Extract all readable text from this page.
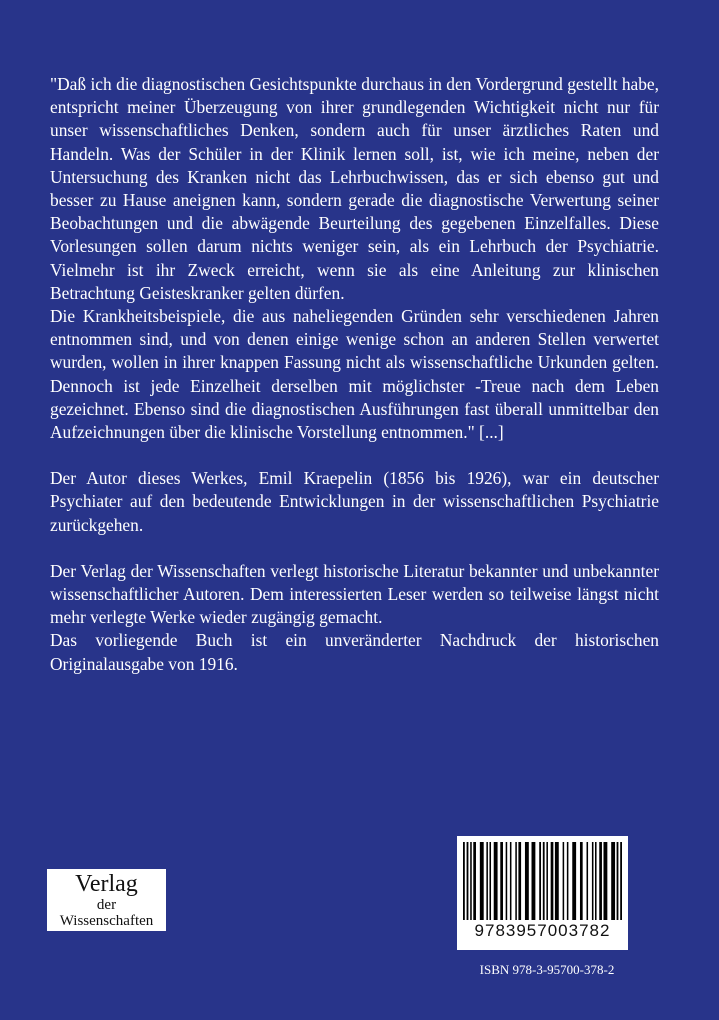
"Daß ich die diagnostischen Gesichtspunkte durchaus in den Vordergrund gestellt habe, entspricht meiner Überzeugung von ihrer grundlegenden Wichtigkeit nicht nur für unser wissenschaftliches Denken, sondern auch für unser ärztliches Raten und Handeln. Was der Schüler in der Klinik lernen soll, ist, wie ich meine, neben der Untersuchung des Kranken nicht das Lehrbuchwissen, das er sich ebenso gut und besser zu Hause aneignen kann, sondern gerade die diagnostische Verwertung seiner Beobachtungen und die abwägende Beurteilung des gegebenen Einzelfalles. Diese Vorlesungen sollen darum nichts weniger sein, als ein Lehrbuch der Psychiatrie. Vielmehr ist ihr Zweck erreicht, wenn sie als eine Anleitung zur klinischen Betrachtung Geisteskranker gelten dürfen.

Die Krankheitsbeispiele, die aus naheliegenden Gründen sehr verschiedenen Jahren entnommen sind, und von denen einige wenige schon an anderen Stellen verwertet wurden, wollen in ihrer knappen Fassung nicht als wissenschaftliche Urkunden gelten. Dennoch ist jede Einzelheit derselben mit möglichster -Treue nach dem Leben gezeichnet. Ebenso sind die diagnostischen Ausführungen fast überall unmittelbar den Aufzeichnungen über die klinische Vorstellung entnommen." [...]

Der Autor dieses Werkes, Emil Kraepelin (1856 bis 1926), war ein deutscher Psychiater auf den bedeutende Entwicklungen in der wissenschaftlichen Psychiatrie zurückgehen.

Der Verlag der Wissenschaften verlegt historische Literatur bekannter und unbekannter wissenschaftlicher Autoren. Dem interessierten Leser werden so teilweise längst nicht mehr verlegte Werke wieder zugängig gemacht.

Das vorliegende Buch ist ein unveränderter Nachdruck der historischen Originalausgabe von 1916.

Verlag
der
Wissenschaften	9783957003782
ISBN 978-3-95700-378-2
